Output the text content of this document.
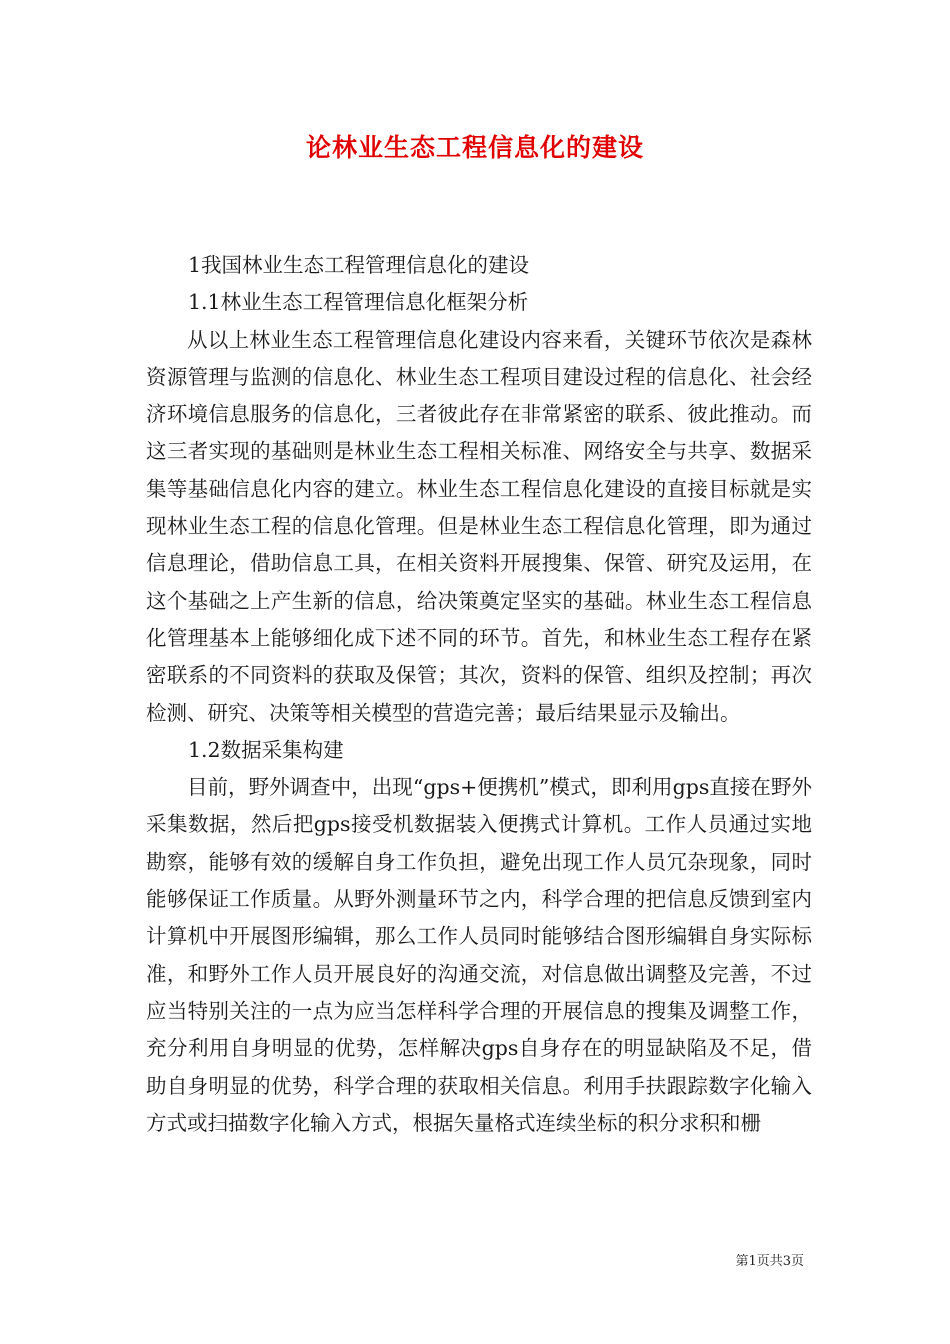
论林业生态工程信息化的建设

1我国林业生态工程管理信息化的建设

1.1林业生态工程管理信息化框架分析

从以上林业生态工程管理信息化建设内容来看，关键环节依次是森林资源管理与监测的信息化、林业生态工程项目建设过程的信息化、社会经济环境信息服务的信息化，三者彼此存在非常紧密的联系、彼此推动。而这三者实现的基础则是林业生态工程相关标准、网络安全与共享、数据采集等基础信息化内容的建立。林业生态工程信息化建设的直接目标就是实现林业生态工程的信息化管理。但是林业生态工程信息化管理，即为通过信息理论，借助信息工具，在相关资料开展搜集、保管、研究及运用，在这个基础之上产生新的信息，给决策奠定坚实的基础。林业生态工程信息化管理基本上能够细化成下述不同的环节。首先，和林业生态工程存在紧密联系的不同资料的获取及保管；其次，资料的保管、组织及控制；再次检测、研究、决策等相关模型的营造完善；最后结果显示及输出。

1.2数据采集构建

目前，野外调查中，出现“gps+便携机”模式，即利用gps直接在野外采集数据，然后把gps接受机数据装入便携式计算机。工作人员通过实地勘察，能够有效的缓解自身工作负担，避免出现工作人员冗杂现象，同时能够保证工作质量。从野外测量环节之内，科学合理的把信息反馈到室内计算机中开展图形编辑，那么工作人员同时能够结合图形编辑自身实际标准，和野外工作人员开展良好的沟通交流，对信息做出调整及完善，不过应当特别关注的一点为应当怎样科学合理的开展信息的搜集及调整工作，充分利用自身明显的优势，怎样解决gps自身存在的明显缺陷及不足，借助自身明显的优势，科学合理的获取相关信息。利用手扶跟踪数字化输入方式或扫描数字化输入方式，根据矢量格式连续坐标的积分求积和栅

第1页共3页
